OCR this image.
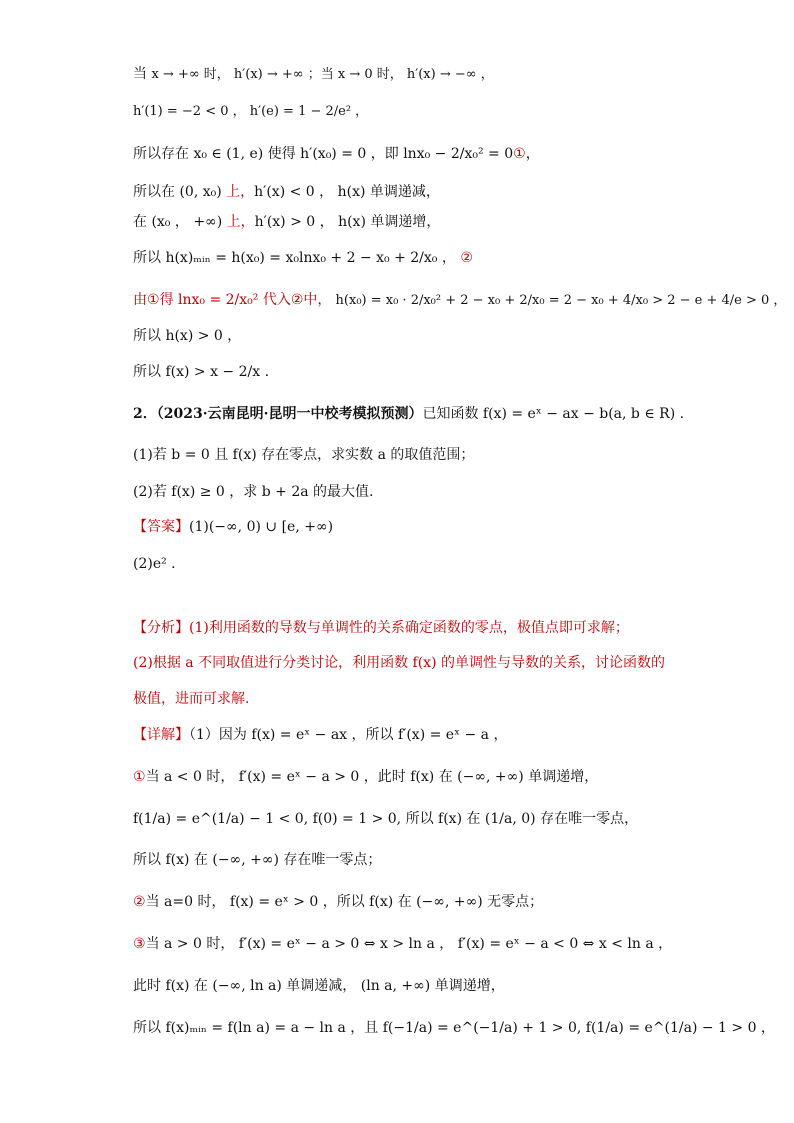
当 x → +∞ 时， h′(x) → +∞ ；当 x → 0 时， h′(x) → −∞ ，
h′(1) = −2 < 0 ， h′(e) = 1 − 2/e² ，
所以存在 x₀ ∈ (1, e) 使得 h′(x₀) = 0 ，即 lnx₀ − 2/x₀² = 0①，
所以在 (0, x₀) 上，h′(x) < 0 ， h(x) 单调递减，
在 (x₀ ， +∞) 上，h′(x) > 0 ， h(x) 单调递增，
所以 h(x)ₘᵢₙ = h(x₀) = x₀lnx₀ + 2 − x₀ + 2/x₀ ， ②
由①得 lnx₀ = 2/x₀² 代入②中， h(x₀) = x₀ · 2/x₀² + 2 − x₀ + 2/x₀ = 2 − x₀ + 4/x₀ > 2 − e + 4/e > 0 ，
所以 h(x) > 0 ，
所以 f(x) > x − 2/x .
2．（2023·云南昆明·昆明一中校考模拟预测）已知函数 f(x) = eˣ − ax − b(a, b ∈ R) .
(1)若 b = 0 且 f(x) 存在零点，求实数 a 的取值范围；
(2)若 f(x) ≥ 0 ，求 b + 2a 的最大值.
【答案】(1)(−∞, 0) ∪ [e, +∞)
(2)e² .
【分析】(1)利用函数的导数与单调性的关系确定函数的零点，极值点即可求解；
(2)根据 a 不同取值进行分类讨论，利用函数 f(x) 的单调性与导数的关系，讨论函数的
极值，进而可求解.
【详解】（1）因为 f(x) = eˣ − ax ，所以 f′(x) = eˣ − a ，
①当 a < 0 时， f′(x) = eˣ − a > 0 ，此时 f(x) 在 (−∞, +∞) 单调递增，
f(1/a) = e^(1/a) − 1 < 0, f(0) = 1 > 0, 所以 f(x) 在 (1/a, 0) 存在唯一零点，
所以 f(x) 在 (−∞, +∞) 存在唯一零点；
②当 a=0 时， f(x) = eˣ > 0 ，所以 f(x) 在 (−∞, +∞) 无零点；
③当 a > 0 时， f′(x) = eˣ − a > 0 ⇔ x > ln a ， f′(x) = eˣ − a < 0 ⇔ x < ln a ，
此时 f(x) 在 (−∞, ln a) 单调递减， (ln a, +∞) 单调递增，
所以 f(x)ₘᵢₙ = f(ln a) = a − ln a ，且 f(−1/a) = e^(−1/a) + 1 > 0, f(1/a) = e^(1/a) − 1 > 0 ，
